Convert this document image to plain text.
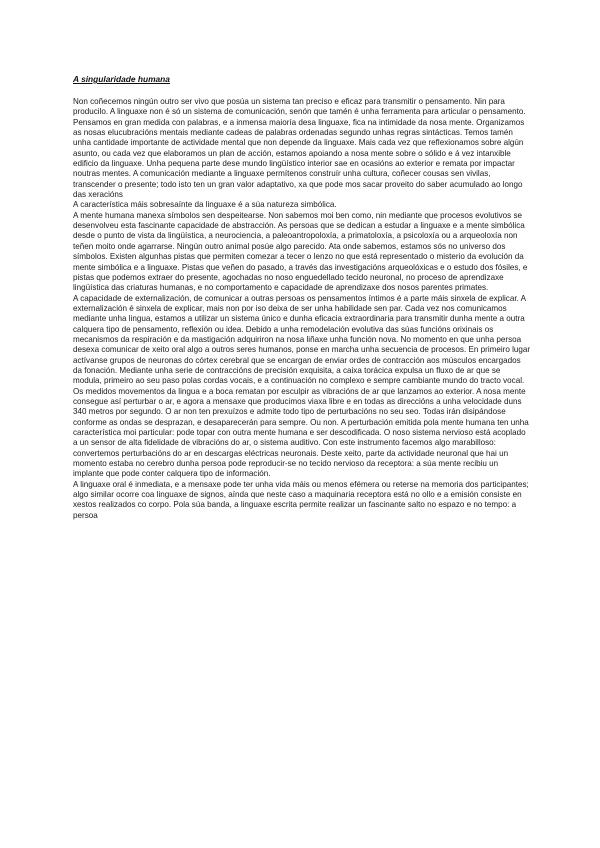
A singularidade humana

Non coñecemos ningún outro ser vivo que posúa un sistema tan preciso e eficaz para transmitir o pensamento. Nin para producilo. A linguaxe non é só un sistema de comunicación, senón que tamén é unha ferramenta para articular o pensamento. Pensamos en gran medida con palabras, e a inmensa maioría desa linguaxe, fica na intimidade da nosa mente. Organizamos as nosas elucubracións mentais mediante cadeas de palabras ordenadas segundo unhas regras sintácticas. Temos tamén unha cantidade importante de actividade mental que non depende da linguaxe. Mais cada vez que reflexionamos sobre algún asunto, ou cada vez que elaboramos un plan de acción, estamos apoiando a nosa mente sobre o sólido e á vez intanxible edificio da linguaxe. Unha pequena parte dese mundo lingüístico interior sae en ocasións ao exterior e remata por impactar noutras mentes. A comunicación mediante a linguaxe permítenos construír unha cultura, coñecer cousas sen vivilas, transcender o presente; todo isto ten un gran valor adaptativo, xa que pode mos sacar proveito do saber acumulado ao longo das xeracións

A característica máis sobresaínte da linguaxe é a súa natureza simbólica.

A mente humana manexa símbolos sen despeitearse. Non sabemos moi ben como, nin mediante que procesos evolutivos se desenvolveu esta fascinante capacidade de abstracción. As persoas que se dedican a estudar a linguaxe e a mente simbólica desde o punto de vista da lingüística, a neurociencia, a paleoantropoloxía, a primatoloxía, a psicoloxía ou a arqueoloxía non teñen moito onde agarrarse. Ningún outro animal posúe algo parecido. Ata onde sabemos, estamos sós no universo dos símbolos. Existen algunhas pistas que permiten comezar a tecer o lenzo no que está representado o misterio da evolución da mente simbólica e a linguaxe. Pistas que veñen do pasado, a través das investigacións arqueolóxicas e o estudo dos fósiles, e pistas que podemos extraer do presente, agochadas no noso enguedellado tecido neuronal, no proceso de aprendizaxe lingüística das criaturas humanas, e no comportamento e capacidade de aprendizaxe dos nosos parentes primates.

A capacidade de externalización, de comunicar a outras persoas os pensamentos íntimos é a parte máis sinxela de explicar. A externalización é sinxela de explicar, mais non por iso deixa de ser unha habilidade sen par. Cada vez nos comunicamos mediante unha lingua, estamos a utilizar un sistema único e dunha eficacia extraordinaria para transmitir dunha mente a outra calquera tipo de pensamento, reflexión ou idea. Debido a unha remodelación evolutiva das súas funcións orixinais os mecanismos da respiración e da mastigación adquiriron na nosa liñaxe unha función nova. No momento en que unha persoa desexa comunicar de xeito oral algo a outros seres humanos, ponse en marcha unha secuencia de procesos. En primeiro lugar actívanse grupos de neuronas do córtex cerebral que se encargan de enviar ordes de contracción aos músculos encargados da fonación. Mediante unha serie de contraccións de precisión exquisita, a caixa torácica expulsa un fluxo de ar que se modula, primeiro ao seu paso polas cordas vocais, e a continuación no complexo e sempre cambiante mundo do tracto vocal. Os medidos movementos da lingua e a boca rematan por esculpir as vibracións de ar que lanzamos ao exterior. A nosa mente consegue así perturbar o ar, e agora a mensaxe que producimos viaxa libre e en todas as direccións a unha velocidade duns 340 metros por segundo. O ar non ten prexuízos e admite todo tipo de perturbacións no seu seo. Todas irán disipándose conforme as ondas se desprazan, e desaparecerán para sempre. Ou non. A perturbación emitida pola mente humana ten unha característica moi particular: pode topar con outra mente humana e ser descodificada. O noso sistema nervioso está acoplado a un sensor de alta fidelidade de vibracións do ar, o sistema auditivo. Con este instrumento facemos algo marabilloso: convertemos perturbacións do ar en descargas eléctricas neuronais. Deste xeito, parte da actividade neuronal que hai un momento estaba no cerebro dunha persoa pode reproducir-se no tecido nervioso da receptora: a súa mente recibiu un implante que pode conter calquera tipo de información.

A linguaxe oral é inmediata, e a mensaxe pode ter unha vida máis ou menos efémera ou reterse na memoria dos participantes; algo similar ocorre coa linguaxe de signos, aínda que neste caso a maquinaria receptora está no ollo e a emisión consiste en xestos realizados co corpo. Pola súa banda, a linguaxe escrita permite realizar un fascinante salto no espazo e no tempo: a persoa
